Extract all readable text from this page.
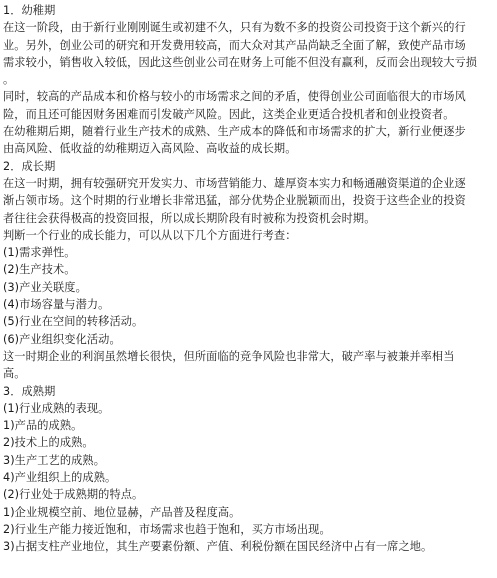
1．幼稚期
在这一阶段，由于新行业刚刚诞生或初建不久，只有为数不多的投资公司投资于这个新兴的行
业。另外，创业公司的研究和开发费用较高，而大众对其产品尚缺乏全面了解，致使产品市场
需求较小，销售收入较低，因此这些创业公司在财务上可能不但没有赢利，反而会出现较大亏损
。
同时，较高的产品成本和价格与较小的市场需求之间的矛盾，使得创业公司面临很大的市场风
险，而且还可能因财务困难而引发破产风险。因此，这类企业更适合投机者和创业投资者。
在幼稚期后期，随着行业生产技术的成熟、生产成本的降低和市场需求的扩大，新行业便逐步
由高风险、低收益的幼稚期迈入高风险、高收益的成长期。
2．成长期
在这一时期，拥有较强研究开发实力、市场营销能力、雄厚资本实力和畅通融资渠道的企业逐
渐占领市场。这个时期的行业增长非常迅猛，部分优势企业脱颖而出，投资于这些企业的投资
者往往会获得极高的投资回报，所以成长期阶段有时被称为投资机会时期。
判断一个行业的成长能力，可以从以下几个方面进行考查：
(1)需求弹性。
(2)生产技术。
(3)产业关联度。
(4)市场容量与潜力。
(5)行业在空间的转移活动。
(6)产业组织变化活动。
这一时期企业的利润虽然增长很快，但所面临的竞争风险也非常大，破产率与被兼并率相当
高。
3．成熟期
(1)行业成熟的表现。
1)产品的成熟。
2)技术上的成熟。
3)生产工艺的成熟。
4)产业组织上的成熟。
(2)行业处于成熟期的特点。
1)企业规模空前、地位显赫，产品普及程度高。
2)行业生产能力接近饱和，市场需求也趋于饱和，买方市场出现。
3)占据支柱产业地位，其生产要素份额、产值、利税份额在国民经济中占有一席之地。
